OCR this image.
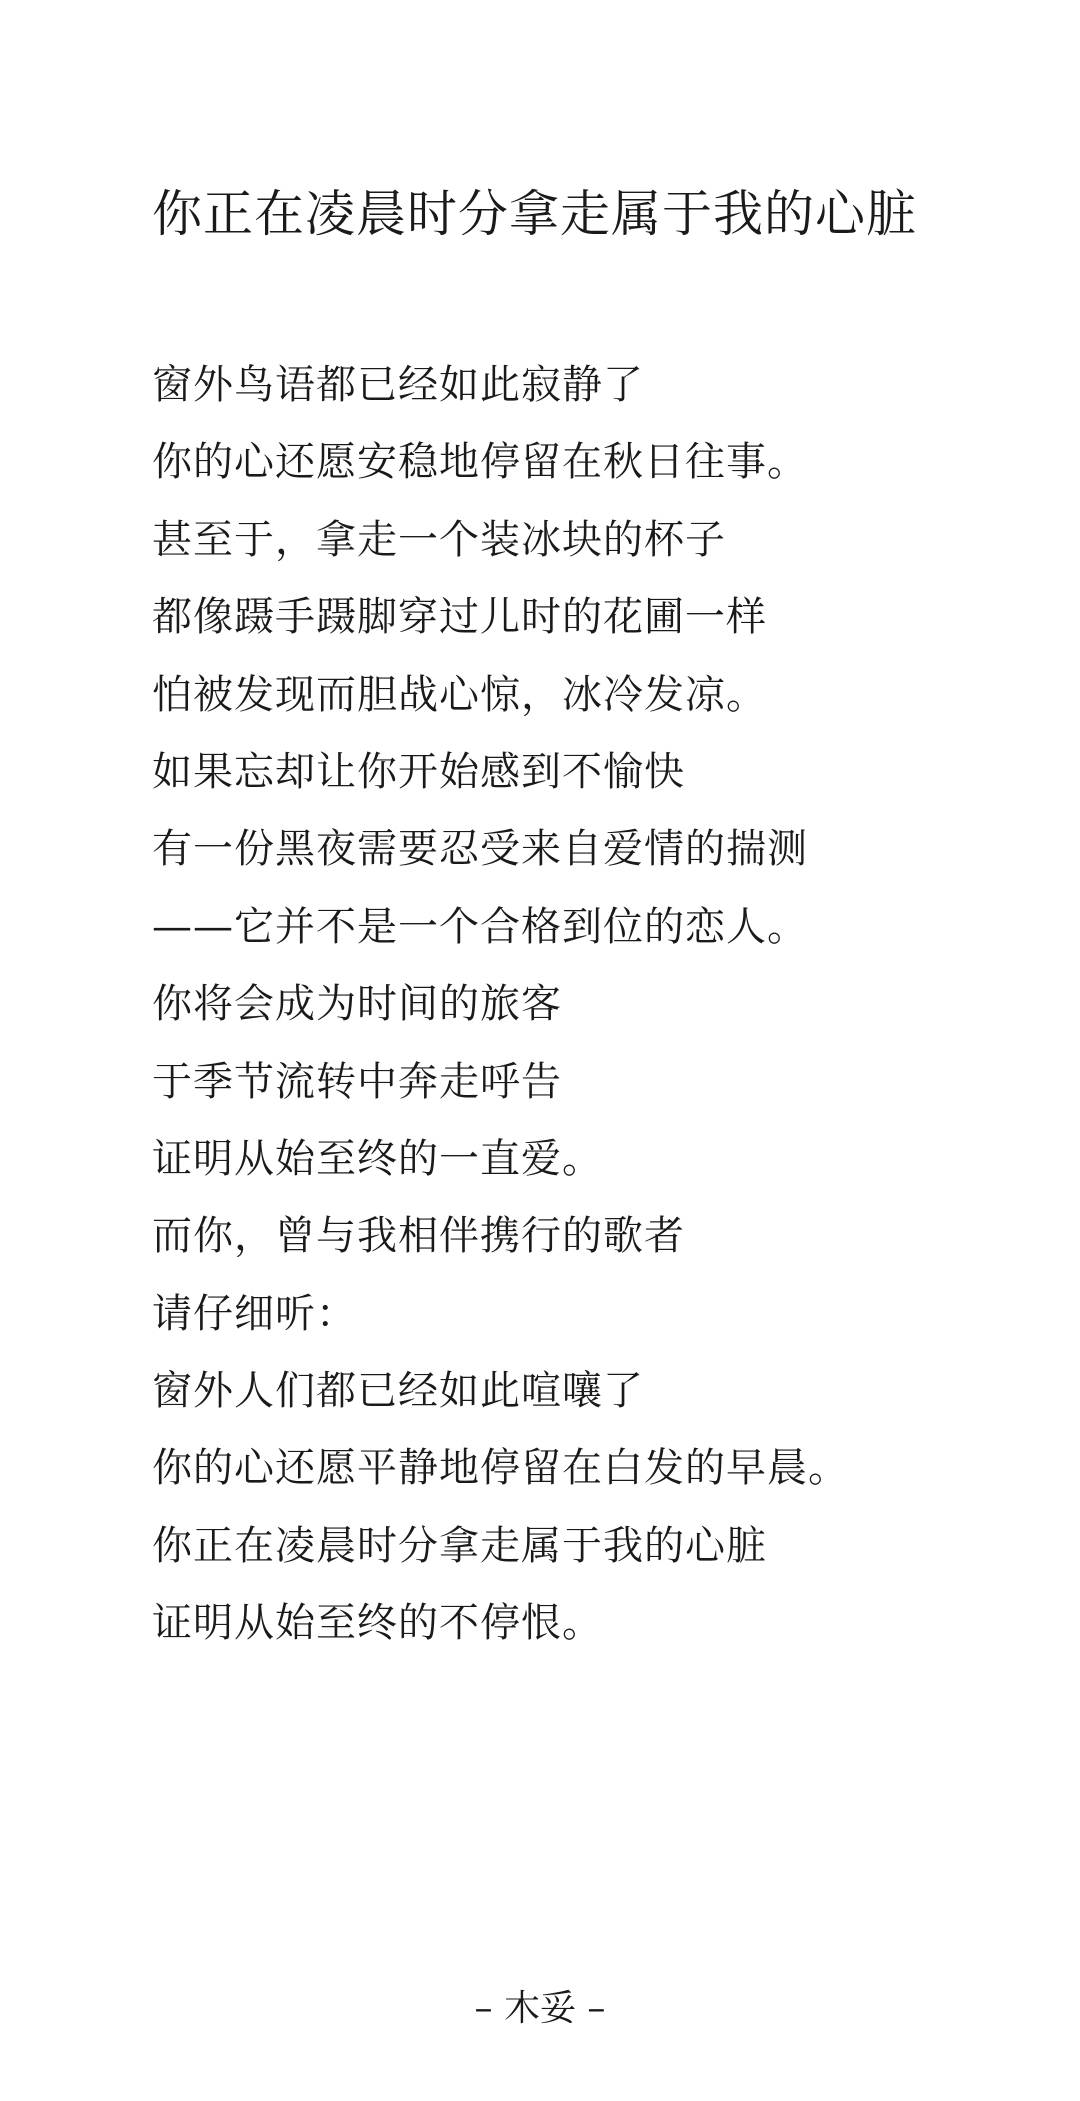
你正在凌晨时分拿走属于我的心脏
窗外鸟语都已经如此寂静了
你的心还愿安稳地停留在秋日往事。
甚至于，拿走一个装冰块的杯子
都像蹑手蹑脚穿过儿时的花圃一样
怕被发现而胆战心惊，冰冷发凉。
如果忘却让你开始感到不愉快
有一份黑夜需要忍受来自爱情的揣测
——它并不是一个合格到位的恋人。
你将会成为时间的旅客
于季节流转中奔走呼告
证明从始至终的一直爱。
而你，曾与我相伴携行的歌者
请仔细听：
窗外人们都已经如此喧嚷了
你的心还愿平静地停留在白发的早晨。
你正在凌晨时分拿走属于我的心脏
证明从始至终的不停恨。
– 木妥 –
